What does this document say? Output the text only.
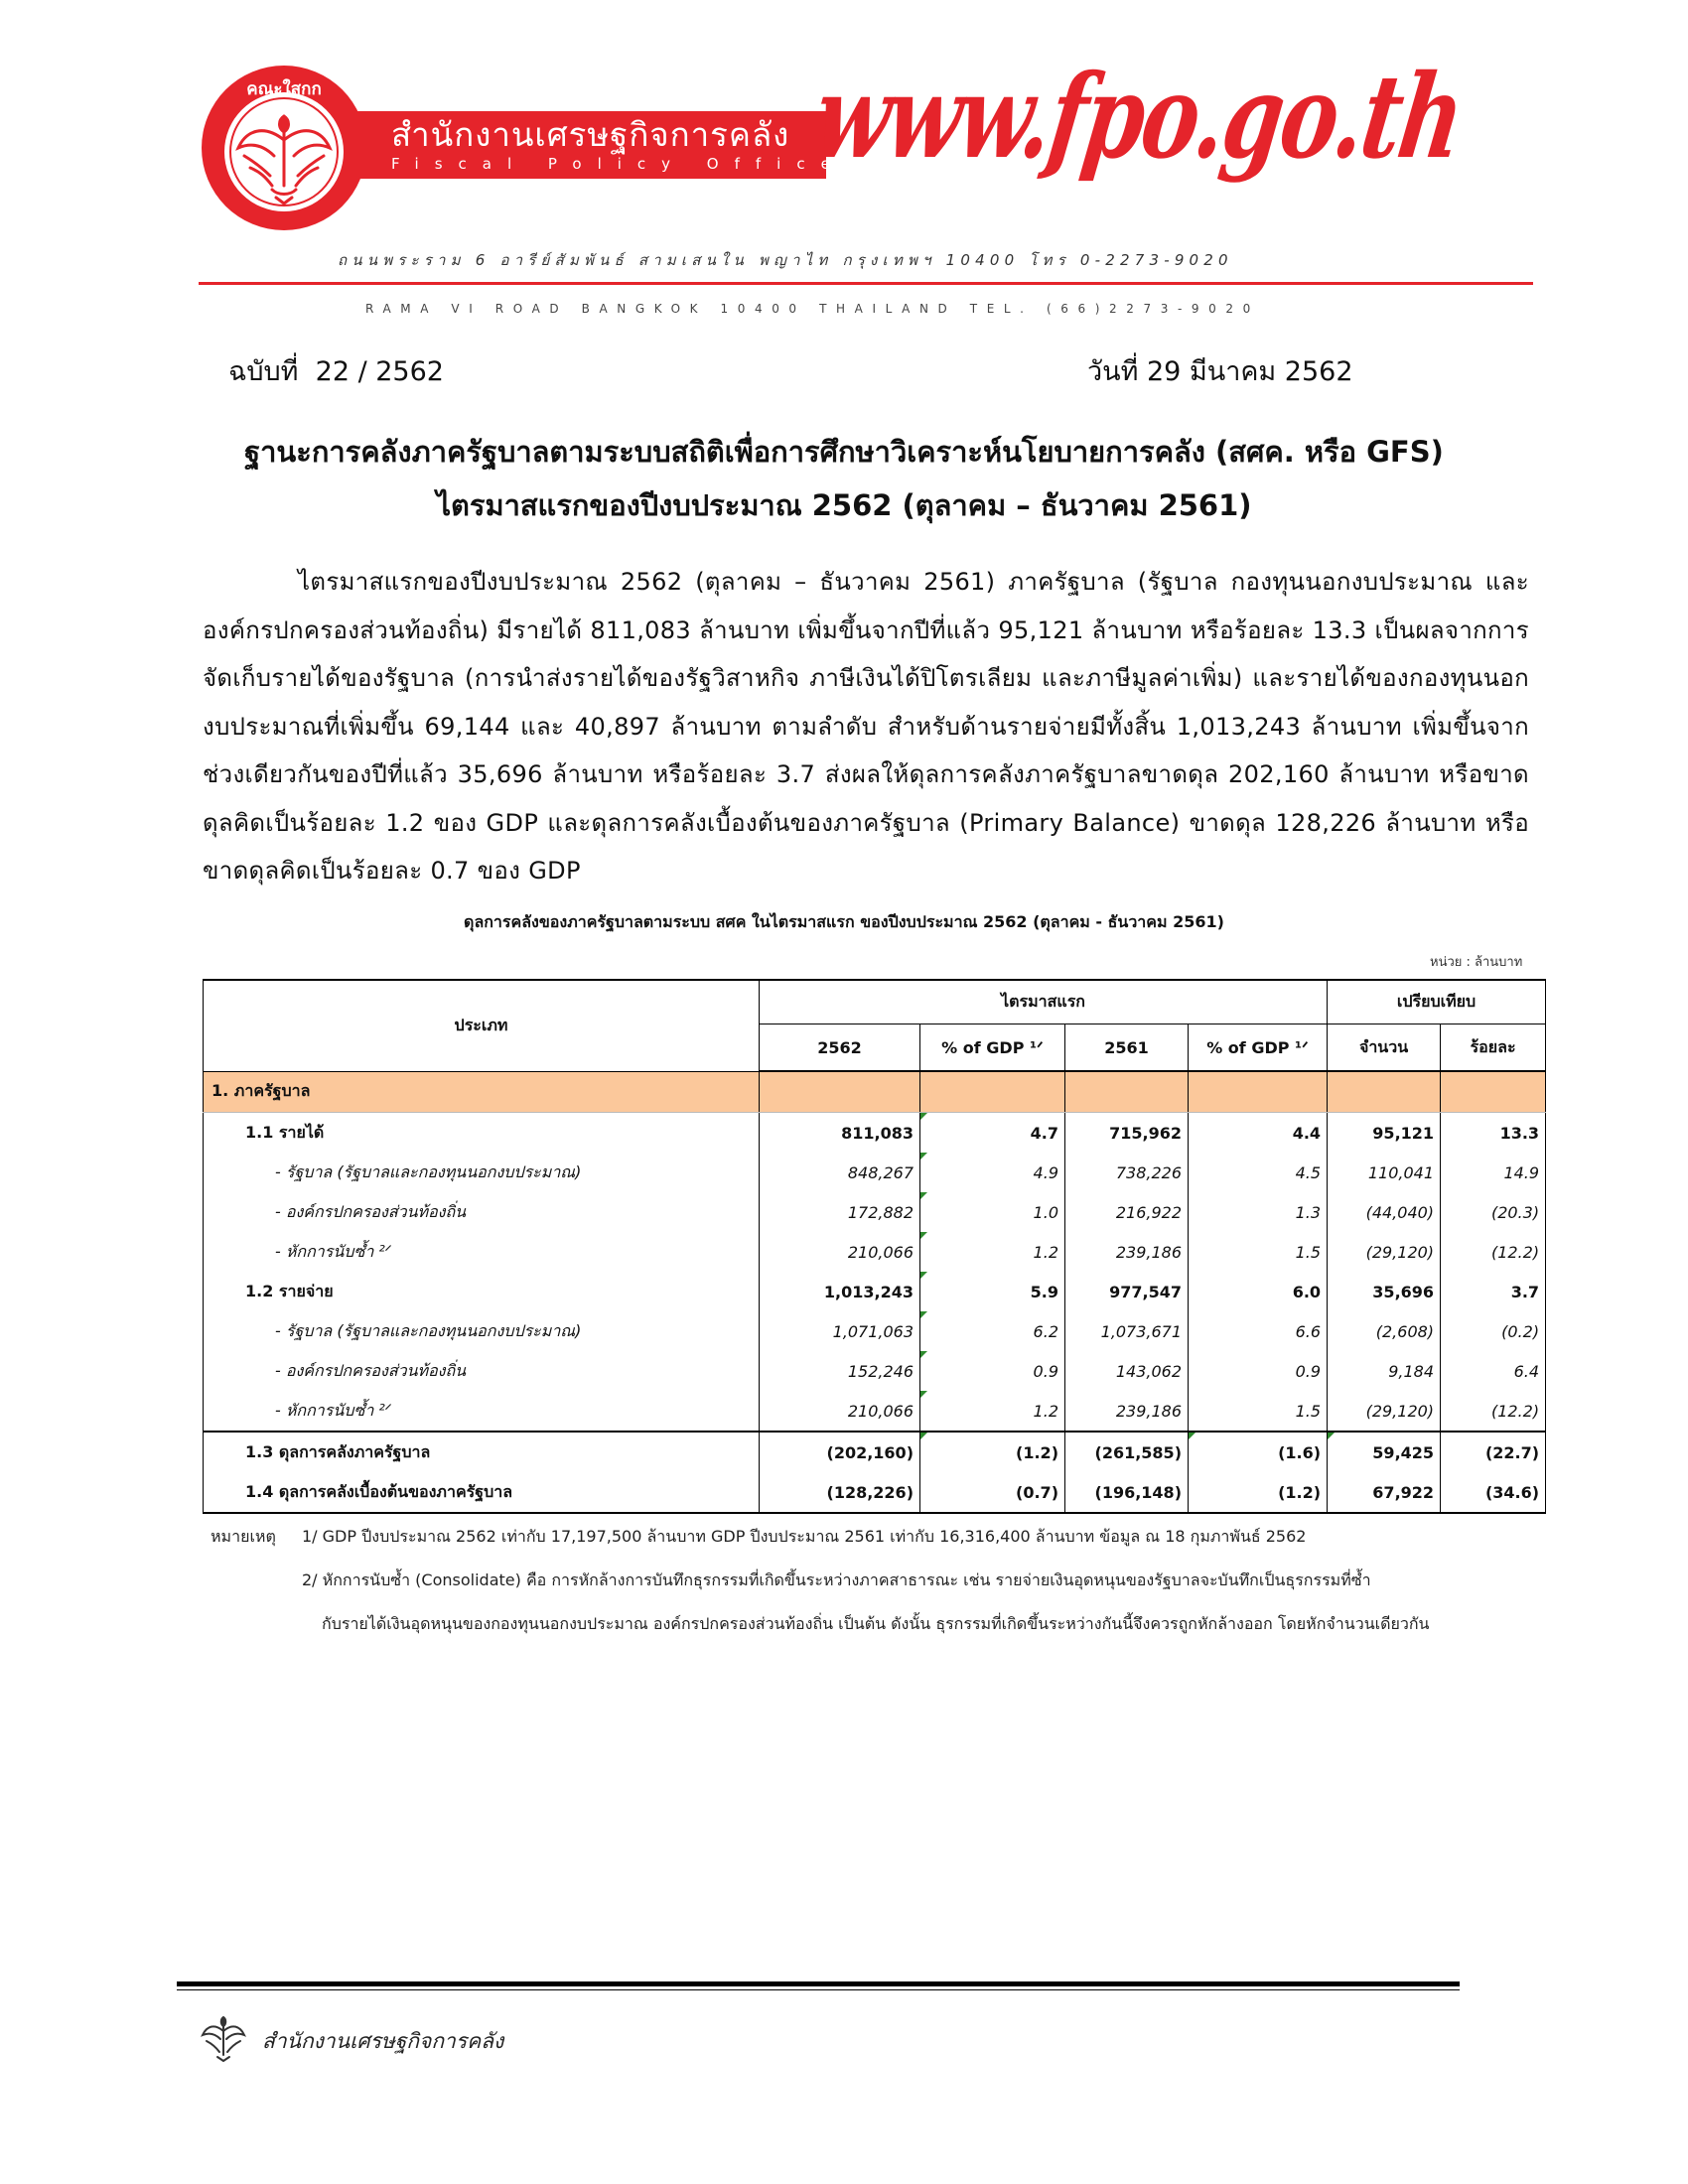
คณะใสกก
สำนักงานเศรษฐกิจการคลัง
Fiscal Policy Office
www.fpo.go.th
ถนนพระราม 6 อารีย์สัมพันธ์ สามเสนใน พญาไท กรุงเทพฯ 10400 โทร 0-2273-9020
RAMA VI ROAD BANGKOK 10400 THAILAND TEL. (66)2273-9020
ฉบับที่ 22 / 2562	วันที่ 29 มีนาคม 2562
ฐานะการคลังภาครัฐบาลตามระบบสถิติเพื่อการศึกษาวิเคราะห์นโยบายการคลัง (สศค. หรือ GFS)
ไตรมาสแรกของปีงบประมาณ 2562 (ตุลาคม – ธันวาคม 2561)
ไตรมาสแรกของปีงบประมาณ 2562 (ตุลาคม – ธันวาคม 2561) ภาครัฐบาล (รัฐบาล กองทุนนอกงบประมาณ และองค์กรปกครองส่วนท้องถิ่น) มีรายได้ 811,083 ล้านบาท เพิ่มขึ้นจากปีที่แล้ว 95,121 ล้านบาท หรือร้อยละ 13.3 เป็นผลจากการจัดเก็บรายได้ของรัฐบาล (การนำส่งรายได้ของรัฐวิสาหกิจ ภาษีเงินได้ปิโตรเลียม และภาษีมูลค่าเพิ่ม) และรายได้ของกองทุนนอกงบประมาณที่เพิ่มขึ้น 69,144 และ 40,897 ล้านบาท ตามลำดับ สำหรับด้านรายจ่ายมีทั้งสิ้น 1,013,243 ล้านบาท เพิ่มขึ้นจากช่วงเดียวกันของปีที่แล้ว 35,696 ล้านบาท หรือร้อยละ 3.7 ส่งผลให้ดุลการคลังภาครัฐบาลขาดดุล 202,160 ล้านบาท หรือขาดดุลคิดเป็นร้อยละ 1.2 ของ GDP และดุลการคลังเบื้องต้นของภาครัฐบาล (Primary Balance) ขาดดุล 128,226 ล้านบาท หรือขาดดุลคิดเป็นร้อยละ 0.7 ของ GDP
ดุลการคลังของภาครัฐบาลตามระบบ สศค ในไตรมาสแรก ของปีงบประมาณ 2562 (ตุลาคม - ธันวาคม 2561)
หน่วย : ล้านบาท
ประเภท	ไตรมาสแรก				เปรียบเทียบ	
	2562	% of GDP ¹ᐟ	2561	% of GDP ¹ᐟ	จำนวน	ร้อยละ
1. ภาครัฐบาล						
1.1 รายได้	811,083	4.7	715,962	4.4	95,121	13.3
- รัฐบาล (รัฐบาลและกองทุนนอกงบประมาณ)	848,267	4.9	738,226	4.5	110,041	14.9
- องค์กรปกครองส่วนท้องถิ่น	172,882	1.0	216,922	1.3	(44,040)	(20.3)
- หักการนับซ้ำ ²ᐟ	210,066	1.2	239,186	1.5	(29,120)	(12.2)
1.2 รายจ่าย	1,013,243	5.9	977,547	6.0	35,696	3.7
- รัฐบาล (รัฐบาลและกองทุนนอกงบประมาณ)	1,071,063	6.2	1,073,671	6.6	(2,608)	(0.2)
- องค์กรปกครองส่วนท้องถิ่น	152,246	0.9	143,062	0.9	9,184	6.4
- หักการนับซ้ำ ²ᐟ	210,066	1.2	239,186	1.5	(29,120)	(12.2)
1.3 ดุลการคลังภาครัฐบาล	(202,160)	(1.2)	(261,585)	(1.6)	59,425	(22.7)
1.4 ดุลการคลังเบื้องต้นของภาครัฐบาล	(128,226)	(0.7)	(196,148)	(1.2)	67,922	(34.6)
หมายเหตุ 1/ GDP ปีงบประมาณ 2562 เท่ากับ 17,197,500 ล้านบาท GDP ปีงบประมาณ 2561 เท่ากับ 16,316,400 ล้านบาท ข้อมูล ณ 18 กุมภาพันธ์ 2562
2/ หักการนับซ้ำ (Consolidate) คือ การหักล้างการบันทึกธุรกรรมที่เกิดขึ้นระหว่างภาคสาธารณะ เช่น รายจ่ายเงินอุดหนุนของรัฐบาลจะบันทึกเป็นธุรกรรมที่ซ้ำ
กับรายได้เงินอุดหนุนของกองทุนนอกงบประมาณ องค์กรปกครองส่วนท้องถิ่น เป็นต้น ดังนั้น ธุรกรรมที่เกิดขึ้นระหว่างกันนี้จึงควรถูกหักล้างออก โดยหักจำนวนเดียวกัน
สำนักงานเศรษฐกิจการคลัง
